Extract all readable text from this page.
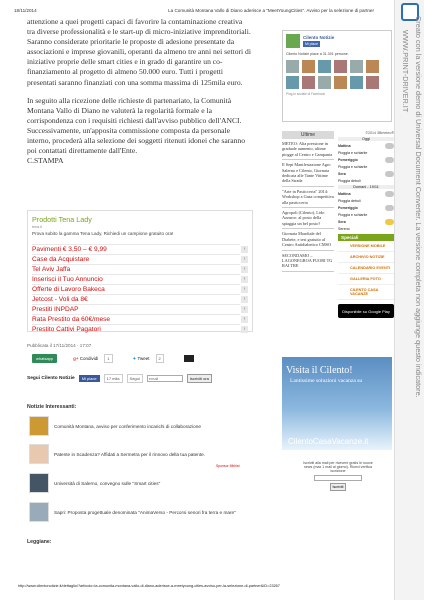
18/11/2014	La Comunità Montana Vallo di Diano aderisce a "MeetYoungCities". Avviso per la selezione di partner

attenzione a quei progetti capaci di favorire la contaminazione creativa tra diverse professionalità e le start-up di micro-iniziative imprenditoriali. Saranno considerate prioritarie le proposte di adesione presentate da associazioni e imprese giovanili, operanti da almeno tre anni nei settori di iniziative proprie delle smart cities e in grado di garantire un co-finanziamento al progetto di almeno 50.000 euro. Tutti i progetti presentati saranno finanziati con una somma massima di 125mila euro.

In seguito alla ricezione delle richieste di partenariato, la Comunità Montana Vallo di Diano ne valuterà la regolarità formale e la corrispondenza con i requisiti richiesti dall'avviso pubblico dell'ANCI. Successivamente, un'apposita commissione composta da personale interno, procederà alla selezione dei soggetti ritenuti idonei che saranno poi contattati direttamente dall'Ente.

C.STAMPA

Prodotti Tena Lady
tena.it
Prova subito la gamma Tena Lady. Richiedi un campione gratuito ora!
Pavimenti € 3,50 – € 9,99	›
Case da Acquistare	›
Tel Aviv Jaffa	›
Inserisci il Tuo Annuncio	›
Offerte di Lavoro Bakeca	›
Jetcost - Voli da 8€	›
Prestiti INPDAP	›
Rata Prestito da 60€/mese	›
Prestito Cattivi Pagatori	›
Pubblicata il 17/11/2014 · 17:07
whatsapp	g+ Condividi	1	✦ Tweet	2
Segui Cilento Notizie	Mi piace	17 mila	Segui
email	Iscriviti ora
Notizie Interessanti:
Comunità Montana, avviso per conferimento incarichi di collaborazione
Patente in Scadenza? Affidati a Sermetra per il rinnovo della tua patente.
Sponsor Mirhist
Università di Salerno, convegno sulle "Smart cities"
Sapri: Proposta progettuale denominata "AnimaVerso - Percorsi senori fra terra e mare"
Leggiane:
http://www.cilentonotizie.it/dettaglio/?articolo=la-comunita-montana-vallo-di-diano-aderisce-a-meetyoung-cities-avviso-per-la-selezione-di-partner&ID=23267
Cilento Notizie
Mi piace
Cilento Notizie piace a 31.301 persone.
Plug-in sociale di Facebook
Ultime
METEO: Alta pressione in graduale aumento, ultime piogge al Centro e Campania
Il Sept Manifestazione Agro Salerno e Cilento, Giornata dedicata alle Tante Vittime della Strada
"Arte in Pasticceria" 2014: Workshop a Gaza competitiva alla pasticceria
Agropoli (Cilento), Lido Azzurro: al posto della spiaggia un bel posto?
Giornata Mondiale del Diabete, e test gratuito al Centro Antidiabetico CMSO
SECONDAMO – LAGONEGROA FUORI TG RAI TRE
©2014 3Bmeteo®
Oggi
Mattina
Pioggia e schiarite
Pomeriggio
Pioggia e schiarite
Sera
Pioggia deboli
Domani - 19/11
Mattina
Pioggia deboli
Pomeriggio
Pioggia e schiarite
Sera
Sereno
Speciali
VERSIONE MOBILE
ARCHIVIO NOTIZIE
CALENDARIO EVENTI
GALLERIA FOTO
CILENTO CASA VACANZE
Disponibile su Google Play
Visita il Cilento!
Lantissime soluzioni vacanza su
CilentoCasaVacanze.it
Iscriviti alla mail per ricevere gratis le nuove news (max 1 mail al giorno). Ricevi verifica iscrizione
Iscriviti
Creato con la versione demo di Universal Document Converter. La versione completa non aggiunge questo indicatore.
WWW.PRINT-DRIVER.IT
